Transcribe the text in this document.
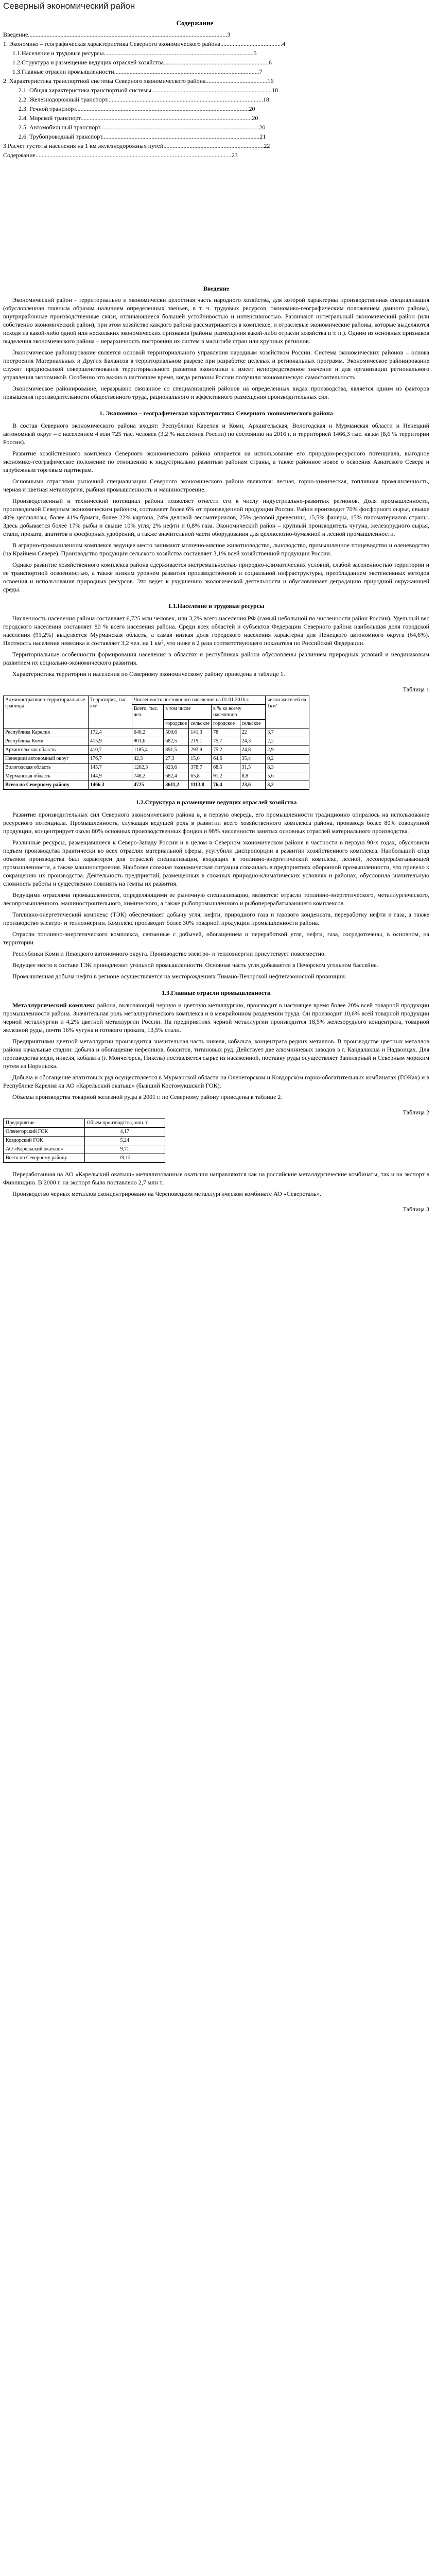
Северный экономический район
Содержание
Введение.................................................................................................................................3
1. Экономико – географическая характеристика Северного экономического района........................................4
1.1.Население и трудовые ресурсы.................................................................................................5
1.2.Структура и размещение ведущих отраслей хозяйства....................................................................6
1.3.Главные отрасли промышленности..............................................................................................7
2. Характеристика транспортной системы Северного экономического района........................................16
2.1. Общая характеристика транспортной системы..............................................................................18
2.2. Железнодорожный транспорт.....................................................................................................18
2.3. Речной транспорт................................................................................................................20
2.4. Морской транспорт...............................................................................................................20
2.5. Автомобильный транспорт.......................................................................................................20
2.6. Трубопроводный транспорт......................................................................................................21
3.Расчет густоты населения на 1 км железнодорожных путей.................................................................22
Содержание...............................................................................................................................23
Введение

Экономический район - территориально и экономически целостная часть народного хозяйства, для которой характерны производственная специализация (обусловленная главным образом наличием определенных звеньев, в т. ч. трудовых ресурсов, экономико-географическим положением данного района), внутрирайонные производственные связи, отличающиеся большей устойчивостью и интенсивностью. Различают интегральный экономический район (или собственно экономический район), при этом хозяйство каждого района рассматривается в комплексе, и отраслевые экономические районы, которые выделяются исходя из какой-либо одной или нескольких экономических признаков (районы размещения какой-либо отрасли хозяйства и т. п.). Одним из основных признаков выделения экономического района – иерархичность построения их систем в масштабе стран или крупных регионов.

Экономическое районирование является основой территориального управления народным хозяйством России. Система экономических районов – основа построения Материальных и Других Балансов в территориальном разрезе при разработке целевых и региональных программ. Экономическое районирование служит предпосылкой совершенствования территориального развития экономики и имеет непосредственное значение и для организации регионального управления экономикой. Особенно это важно в настоящее время, когда регионы России получили экономическую самостоятельность.

Экономическое районирование, неразрывно связанное со специализацией районов на определенных видах производства, является одним из факторов повышения производительности общественного труда, рационального и эффективного размещения производительных сил.

1. Экономико – географическая характеристика Северного экономического района

В состав Северного экономического района входят: Республики Карелия и Коми, Архангельская, Вологодская и Мурманская области и Ненецкий автономный округ – с населением 4 млн 725 тыс. человек (3,2 % населения России) по состоянию на 2016 г. и территорией 1466,3 тыс. кв.км (8,6 % территории России).

Развитие хозяйственного комплекса Северного экономического района опирается на использование его природно-ресурсного потенциала, выгодное экономико-географическое положение по отношению к индустриально развитым районам страны, а также районное новое о освоения Азиатского Севера и зарубежным торговым партнерам.

Основными отраслями рыночной специализации Северного экономического района являются: лесная, горно-химическая, топливная промышленность, черная и цветная металлургия, рыбная промышленность и машиностроение.

Производственный и технический потенциал района позволяет отнести его к числу индустриально-развитых регионов. Доля промышленности, производимой Северным экономическим районом, составляет более 6% от произведенной продукции России. Район производит 70% фосфорного сырья, свыше 40% целлюлозы, более 41% бумаги, более 22% картона, 24% деловой лесоматериалов, 25% деловой древесины, 15,5% фанеры, 15% пиломатериалов страны. Здесь добывается более 17% рыбы и свыше 10% угля, 2% нефти и 0,8% газа. Экономический район – крупный производитель чугуна, железорудного сырья, стали, проката, апатитов и фосфорных удобрений, а также значительной части оборудования для целлюлозно-бумажной и лесной промышленности.

В аграрно-промышленном комплексе ведущее место занимают молочно-мясное животноводство, льноводство, промышленное птицеводство и оленеводство (на Крайнем Севере). Производство продукции сельского хозяйства составляет 3,1% всей хозяйственной продукции России.

Однако развитие хозяйственного комплекса района сдерживается экстремальностью природно-климатических условий, слабой засоленностью территории и ее транспортной освоенностью, а также низким уровнем развития производственной и социальной инфраструктуры, преобладанием экстенсивных методов освоения и использования природных ресурсов. Это ведет к ухудшению экологической деятельности и обусловливает деградацию природной окружающей среды.

1.1.Население и трудовые ресурсы

Численность населения района составляет 6,725 млн человек, или 3,2% всего населения РФ (самый небольшой по численности район России). Удельный вес городского населения составляет 80 % всего населения района. Среди всех областей и субъектов Федерации Северного района наибольшая доля городской населения (91,2%) выделяется Мурманская область, а самая низкая доля городского населения характерна для Ненецкого автономного округа (64,6%). Плотность населения невелика и составляет 3,2 чел. на 1 км², что ниже в 2 раза соответствующего показателя по Российской Федерации.

Территориальные особенности формирования населения в областях и республиках района обусловлены различием природных условий и неодинаковым развитием их социально-экономического развития.

Характеристика территории и населения по Северному экономическому району приведена в таблице 1.

Таблица 1
Административно-территориальные границы	Территория, тыс. км²	Численность постоянного населения на 01.01.2016 г.					число жителей на 1км²
		Всего, тыс. чел.	в том числе		в % ко всему населению		
			городское	сельское	городское	сельское	
Республика Карелия	172,4	640,2	500,6	141,3	78	22	3,7
Республика Коми	415,9	901,6	682,5	219,1	75,7	24,3	2,2
Архангельская область	410,7	1185,4	891,5	293,9	75,2	24,8	2,9
Ненецкий автономный округ	176,7	42,3	27,3	15,0	64,6	35,4	0,2
Вологодская область	145,7	1202,3	823,6	378,7	68,5	31,5	8,3
Мурманская область	144,9	748,2	682,4	65,8	91,2	8,8	5,6
Всего по Северному району	1466,3	4725	3611,2	1113,8	76,4	23,6	3,2
1.2.Структура и размещение ведущих отраслей хозяйства

Развитие производительных сил Северного экономического района в, в первую очередь, его промышленности традиционно опиралось на использование ресурсного потенциала. Промышленность, служащая ведущей роль в развитии всего хозяйственного комплекса района, производя более 80% совокупной продукции, концентрирует около 80% основных производственных фондов и 98% численности занятых основных отраслей материального производства.

Различные ресурсы, размещавшиеся к Северо-Западу России и в целом в Северном экономическом районе в частности в первую 90-х годах, обусловили подъем производства практически во всех отраслях материальной сферы, усугубили диспропорции в развитии хозяйственного комплекса. Наибольший спад объемов производства был характерен для отраслей специализации, входящих в топливно-энергетический комплекс, лесной, лесоперерабатывающей промышленности, а также машиностроения. Наиболее сложная экономическая ситуация сложилась в предприятиях оборонной промышленности, что привело к сокращению их производства. Деятельность предприятий, размещенных в сложных природно-климатических условиях и районах, обусловила значительную сложность работы и существенно повлиять на темпы их развития.

Ведущими отраслями промышленности, определяющими ее рыночную специализацию, являются: отрасли топливно-энергетического, металлургического, лесопромышленного, машиностроительного, химического, а также рыбопромышленного и рыбоперерабатывающего комплексов.

Топливно-энергетический комплекс (ТЭК) обеспечивает добычу угля, нефти, природного газа и газового конденсата, переработку нефти и газа, а также производство электро- и теплоэнергии. Комплекс производит более 30% товарной продукции промышленности района.

Отрасли топливно-энергетического комплекса, связанные с добычей, обогащением и переработкой угля, нефти, газа, сосредоточены, в основном, на территории

Республики Коми и Ненецкого автономного округа. Производство электро- и теплоэнергии присутствует повсеместно.

Ведущее место в составе ТЭК принадлежит угольной промышленности. Основная часть угля добывается в Печорском угольном бассейне.

Промышленная добыча нефти в регионе осуществляется на месторождениях Тимано-Печорской нефтегазоносной провинции.

1.3.Главные отрасли промышленности

Металлургический комплекс района, включающий черную и цветную металлургию, производит в настоящее время более 20% всей товарной продукции промышленности района. Значительная роль металлургического комплекса и в межрайонном разделении труда. Он производит 10,6% всей товарной продукции черной металлургии и 4,2% цветной металлургии России. На предприятиях черной металлургии производится 18,5% железорудного концентрата, товарной железной руды, почти 16% чугуна и готового проката, 13,5% стали.

Предприятиями цветной металлургии производится значительная часть никеля, кобальта, концентрата редких металлов. В производстве цветных металлов района начальные стадии: добыча и обогащение нефелинов, бокситов, титановых руд. Действует две алюминиевых заводов в г. Кандалакша и Надвоицах. Для производства меди, никеля, кобальта (г. Мончегорск, Никель) поставляется сырье из насаженной, поставку руды осуществляет Заполярный и Северным морским путем из Норильска.

Добыча и обогащение апатитовых руд осуществляется в Мурманской области на Оленегорском и Ковдорском горно-обогатительных комбинатах (ГОКах) и в Республике Карелия на АО «Карельский окатыш» (бывший Костомукшский ГОК).

Объемы производства товарной железной руды в 2001 г. по Северному району приведены в таблице 2.

Таблица 2
Предприятие	Объем производства, млн. т
Оленегорский ГОК	4,17
Ковдорский ГОК	5,24
АО «Карельский окатыш»	9,71
Всего по Северному району	19,12

Переработанная на АО «Карельский окатыш» металлизованные окатыши направляются как на российские металлургические комбинаты, так и на экспорт в Финляндию. В 2000 г. на экспорт было поставлено 2,7 млн т.

Производство черных металлов сконцентрировано на Череповецком металлургическом комбинате АО «Северсталь».

Таблица 3
